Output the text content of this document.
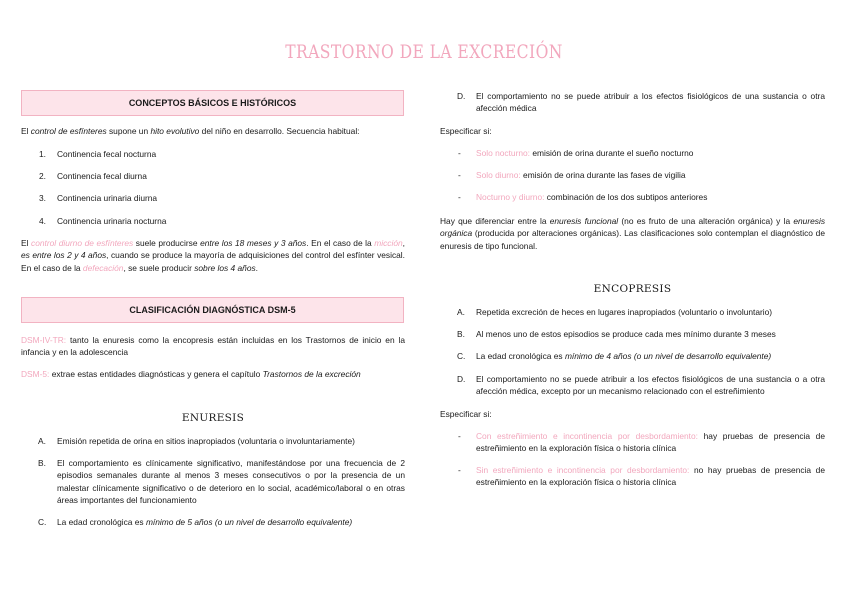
TRASTORNO DE LA EXCRECIÓN
CONCEPTOS BÁSICOS E HISTÓRICOS

El control de esfínteres supone un hito evolutivo del niño en desarrollo. Secuencia habitual:

1. Continencia fecal nocturna
2. Continencia fecal diurna
3. Continencia urinaria diurna
4. Continencia urinaria nocturna

El control diurno de esfínteres suele producirse entre los 18 meses y 3 años. En el caso de la micción, es entre los 2 y 4 años, cuando se produce la mayoría de adquisiciones del control del esfínter vesical. En el caso de la defecación, se suele producir sobre los 4 años.

CLASIFICACIÓN DIAGNÓSTICA DSM-5

DSM-IV-TR: tanto la enuresis como la encopresis están incluidas en los Trastornos de inicio en la infancia y en la adolescencia

DSM-5: extrae estas entidades diagnósticas y genera el capítulo Trastornos de la excreción

ENURESIS
A. Emisión repetida de orina en sitios inapropiados (voluntaria o involuntariamente)
B. El comportamiento es clínicamente significativo, manifestándose por una frecuencia de 2 episodios semanales durante al menos 3 meses consecutivos o por la presencia de un malestar clínicamente significativo o de deterioro en lo social, académico/laboral o en otras áreas importantes del funcionamiento
C. La edad cronológica es mínimo de 5 años (o un nivel de desarrollo equivalente)
D. El comportamiento no se puede atribuir a los efectos fisiológicos de una sustancia o otra afección médica

Especificar si:

- Solo nocturno: emisión de orina durante el sueño nocturno
- Solo diurno: emisión de orina durante las fases de vigilia
- Nocturno y diurno: combinación de los dos subtipos anteriores

Hay que diferenciar entre la enuresis funcional (no es fruto de una alteración orgánica) y la enuresis orgánica (producida por alteraciones orgánicas). Las clasificaciones solo contemplan el diagnóstico de enuresis de tipo funcional.

ENCOPRESIS
A. Repetida excreción de heces en lugares inapropiados (voluntario o involuntario)
B. Al menos uno de estos episodios se produce cada mes mínimo durante 3 meses
C. La edad cronológica es mínimo de 4 años (o un nivel de desarrollo equivalente)
D. El comportamiento no se puede atribuir a los efectos fisiológicos de una sustancia o a otra afección médica, excepto por un mecanismo relacionado con el estreñimiento

Especificar si:

- Con estreñimiento e incontinencia por desbordamiento: hay pruebas de presencia de estreñimiento en la exploración física o historia clínica
- Sin estreñimiento e incontinencia por desbordamiento: no hay pruebas de presencia de estreñimiento en la exploración física o historia clínica
